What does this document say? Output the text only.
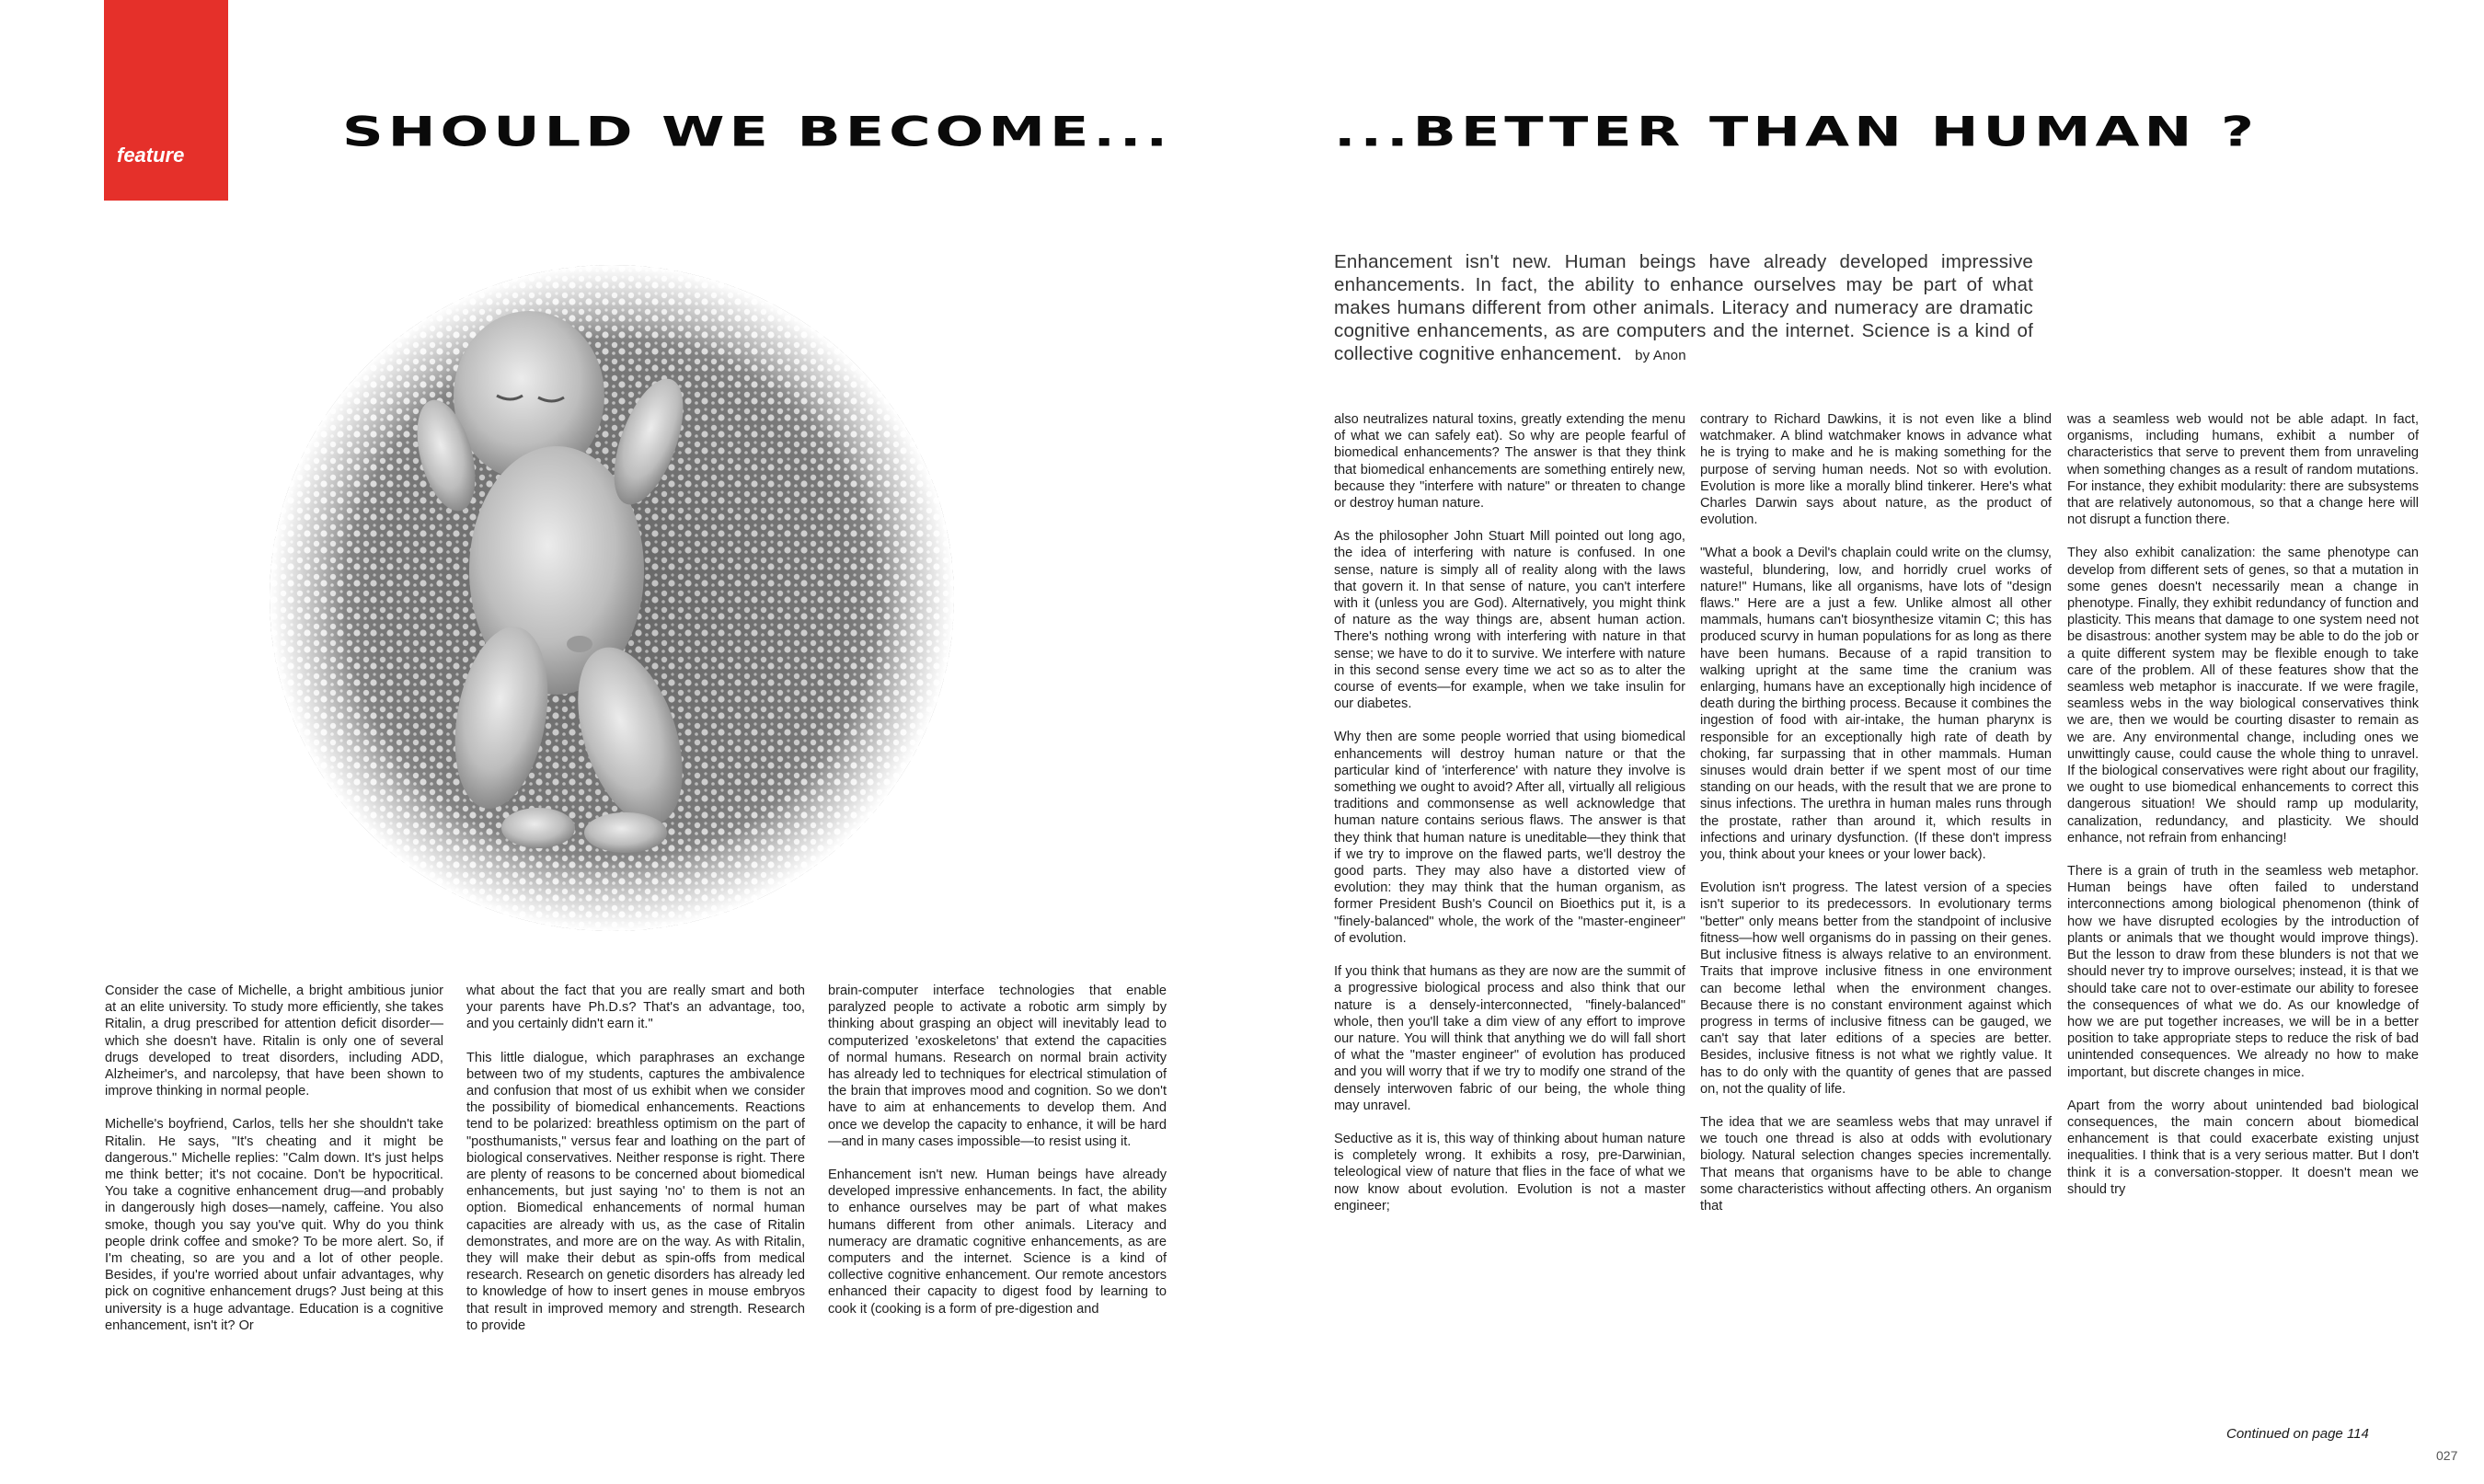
feature	SHOULD WE BECOME...	...BETTER THAN HUMAN ?

Enhancement isn't new. Human beings have already developed impressive enhancements. In fact, the ability to enhance ourselves may be part of what makes humans different from other animals. Literacy and numeracy are dramatic cognitive enhancements, as are computers and the internet. Science is a kind of collective cognitive enhancement. by Anon

Consider the case of Michelle, a bright ambitious junior at an elite university. To study more efficiently, she takes Ritalin, a drug prescribed for attention deficit disorder—which she doesn't have. Ritalin is only one of several drugs developed to treat disorders, including ADD, Alzheimer's, and narcolepsy, that have been shown to improve thinking in normal people.

Michelle's boyfriend, Carlos, tells her she shouldn't take Ritalin. He says, "It's cheating and it might be dangerous." Michelle replies: "Calm down. It's just helps me think better; it's not cocaine. Don't be hypocritical. You take a cognitive enhancement drug—and probably in dangerously high doses—namely, caffeine. You also smoke, though you say you've quit. Why do you think people drink coffee and smoke? To be more alert. So, if I'm cheating, so are you and a lot of other people. Besides, if you're worried about unfair advantages, why pick on cognitive enhancement drugs? Just being at this university is a huge advantage. Education is a cognitive enhancement, isn't it? Or

what about the fact that you are really smart and both your parents have Ph.D.s? That's an advantage, too, and you certainly didn't earn it."

This little dialogue, which paraphrases an exchange between two of my students, captures the ambivalence and confusion that most of us exhibit when we consider the possibility of biomedical enhancements. Reactions tend to be polarized: breathless optimism on the part of "posthumanists," versus fear and loathing on the part of biological conservatives. Neither response is right. There are plenty of reasons to be concerned about biomedical enhancements, but just saying 'no' to them is not an option. Biomedical enhancements of normal human capacities are already with us, as the case of Ritalin demonstrates, and more are on the way. As with Ritalin, they will make their debut as spin-offs from medical research. Research on genetic disorders has already led to knowledge of how to insert genes in mouse embryos that result in improved memory and strength. Research to provide

brain-computer interface technologies that enable paralyzed people to activate a robotic arm simply by thinking about grasping an object will inevitably lead to computerized 'exoskeletons' that extend the capacities of normal humans. Research on normal brain activity has already led to techniques for electrical stimulation of the brain that improves mood and cognition. So we don't have to aim at enhancements to develop them. And once we develop the capacity to enhance, it will be hard—and in many cases impossible—to resist using it.

Enhancement isn't new. Human beings have already developed impressive enhancements. In fact, the ability to enhance ourselves may be part of what makes humans different from other animals. Literacy and numeracy are dramatic cognitive enhancements, as are computers and the internet. Science is a kind of collective cognitive enhancement. Our remote ancestors enhanced their capacity to digest food by learning to cook it (cooking is a form of pre-digestion and

also neutralizes natural toxins, greatly extending the menu of what we can safely eat). So why are people fearful of biomedical enhancements? The answer is that they think that biomedical enhancements are something entirely new, because they "interfere with nature" or threaten to change or destroy human nature.

As the philosopher John Stuart Mill pointed out long ago, the idea of interfering with nature is confused. In one sense, nature is simply all of reality along with the laws that govern it. In that sense of nature, you can't interfere with it (unless you are God). Alternatively, you might think of nature as the way things are, absent human action. There's nothing wrong with interfering with nature in that sense; we have to do it to survive. We interfere with nature in this second sense every time we act so as to alter the course of events—for example, when we take insulin for our diabetes.

Why then are some people worried that using biomedical enhancements will destroy human nature or that the particular kind of 'interference' with nature they involve is something we ought to avoid? After all, virtually all religious traditions and commonsense as well acknowledge that human nature contains serious flaws. The answer is that they think that human nature is uneditable—they think that if we try to improve on the flawed parts, we'll destroy the good parts. They may also have a distorted view of evolution: they may think that the human organism, as former President Bush's Council on Bioethics put it, is a "finely-balanced" whole, the work of the "master-engineer" of evolution.

If you think that humans as they are now are the summit of a progressive biological process and also think that our nature is a densely-interconnected, "finely-balanced" whole, then you'll take a dim view of any effort to improve our nature. You will think that anything we do will fall short of what the "master engineer" of evolution has produced and you will worry that if we try to modify one strand of the densely interwoven fabric of our being, the whole thing may unravel.

Seductive as it is, this way of thinking about human nature is completely wrong. It exhibits a rosy, pre-Darwinian, teleological view of nature that flies in the face of what we now know about evolution. Evolution is not a master engineer;

contrary to Richard Dawkins, it is not even like a blind watchmaker. A blind watchmaker knows in advance what he is trying to make and he is making something for the purpose of serving human needs. Not so with evolution. Evolution is more like a morally blind tinkerer. Here's what Charles Darwin says about nature, as the product of evolution.

"What a book a Devil's chaplain could write on the clumsy, wasteful, blundering, low, and horridly cruel works of nature!" Humans, like all organisms, have lots of "design flaws." Here are a just a few. Unlike almost all other mammals, humans can't biosynthesize vitamin C; this has produced scurvy in human populations for as long as there have been humans. Because of a rapid transition to walking upright at the same time the cranium was enlarging, humans have an exceptionally high incidence of death during the birthing process. Because it combines the ingestion of food with air-intake, the human pharynx is responsible for an exceptionally high rate of death by choking, far surpassing that in other mammals. Human sinuses would drain better if we spent most of our time standing on our heads, with the result that we are prone to sinus infections. The urethra in human males runs through the prostate, rather than around it, which results in infections and urinary dysfunction. (If these don't impress you, think about your knees or your lower back).

Evolution isn't progress. The latest version of a species isn't superior to its predecessors. In evolutionary terms "better" only means better from the standpoint of inclusive fitness—how well organisms do in passing on their genes. But inclusive fitness is always relative to an environment. Traits that improve inclusive fitness in one environment can become lethal when the environment changes. Because there is no constant environment against which progress in terms of inclusive fitness can be gauged, we can't say that later editions of a species are better. Besides, inclusive fitness is not what we rightly value. It has to do only with the quantity of genes that are passed on, not the quality of life.

The idea that we are seamless webs that may unravel if we touch one thread is also at odds with evolutionary biology. Natural selection changes species incrementally. That means that organisms have to be able to change some characteristics without affecting others. An organism that

was a seamless web would not be able adapt. In fact, organisms, including humans, exhibit a number of characteristics that serve to prevent them from unraveling when something changes as a result of random mutations. For instance, they exhibit modularity: there are subsystems that are relatively autonomous, so that a change here will not disrupt a function there.

They also exhibit canalization: the same phenotype can develop from different sets of genes, so that a mutation in some genes doesn't necessarily mean a change in phenotype. Finally, they exhibit redundancy of function and plasticity. This means that damage to one system need not be disastrous: another system may be able to do the job or a quite different system may be flexible enough to take care of the problem. All of these features show that the seamless web metaphor is inaccurate. If we were fragile, seamless webs in the way biological conservatives think we are, then we would be courting disaster to remain as we are. Any environmental change, including ones we unwittingly cause, could cause the whole thing to unravel. If the biological conservatives were right about our fragility, we ought to use biomedical enhancements to correct this dangerous situation! We should ramp up modularity, canalization, redundancy, and plasticity. We should enhance, not refrain from enhancing!

There is a grain of truth in the seamless web metaphor. Human beings have often failed to understand interconnections among biological phenomenon (think of how we have disrupted ecologies by the introduction of plants or animals that we thought would improve things). But the lesson to draw from these blunders is not that we should never try to improve ourselves; instead, it is that we should take care not to over-estimate our ability to foresee the consequences of what we do. As our knowledge of how we are put together increases, we will be in a better position to take appropriate steps to reduce the risk of bad unintended consequences. We already no how to make important, but discrete changes in mice.

Apart from the worry about unintended bad biological consequences, the main concern about biomedical enhancement is that could exacerbate existing unjust inequalities. I think that is a very serious matter. But I don't think it is a conversation-stopper. It doesn't mean we should try

Continued on page 114
027
